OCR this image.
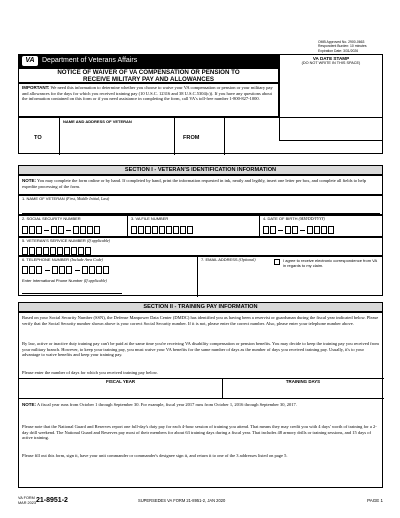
OMB Approved No. 2900-0663
Respondent Burden: 10 minutes
Expiration Date: 3/31/2026
VA	Department of Veterans Affairs	VA DATE STAMP
(DO NOT WRITE IN THIS SPACE)
NOTICE OF WAIVER OF VA COMPENSATION OR PENSION TO
RECEIVE MILITARY PAY AND ALLOWANCES
IMPORTANT: We need this information to determine whether you choose to waive your VA compensation or pension or your military pay and allowances for the days for which you received training pay (10 U.S.C. 12316 and 38 U.S.C.5304(c)). If you have any questions about the information contained on this form or if you need assistance in completing the form, call VA's toll-free number 1-800-827-1000.
NAME AND ADDRESS OF VETERAN
TO	FROM
SECTION I - VETERAN'S IDENTIFICATION INFORMATION
NOTE: You may complete the form online or by hand. If completed by hand, print the information requested in ink, neatly and legibly, insert one letter per box, and complete all fields to help expedite processing of the form.
1. NAME OF VETERAN (First, Middle Initial, Last)
2. SOCIAL SECURITY NUMBER	3. VA FILE NUMBER	4. DATE OF BIRTH (MM/DD/YYYY)
5. VETERAN'S SERVICE NUMBER (If applicable)
6. TELEPHONE NUMBER (Include Area Code)
Enter International Phone Number (If applicable)
7. EMAIL ADDRESS (Optional)	I agree to receive electronic correspondence from VA in regards to my claim.
SECTION II - TRAINING PAY INFORMATION
Based on your Social Security Number (SSN), the Defense Manpower Data Center (DMDC) has identified you as having been a reservist or guardsman during the fiscal year indicated below. Please verify that the Social Security number shown above is your correct Social Security number. If it is not, please enter the correct number. Also, please enter your telephone number above.
By law, active or inactive duty training pay can't be paid at the same time you're receiving VA disability compensation or pension benefits. You may decide to keep the training pay you received from your military branch. However, to keep your training pay, you must waive your VA benefits for the same number of days as the number of days you received training pay. Usually, it's to your advantage to waive benefits and keep your training pay.
Please enter the number of days for which you received training pay below.
FISCAL YEAR	TRAINING DAYS
NOTE: A fiscal year runs from October 1 through September 30. For example, fiscal year 2017 runs from October 1, 2016 through September 30, 2017.
Please note that the National Guard and Reserves report one full-day's duty pay for each 4-hour session of training you attend. That means they may credit you with 4 days' worth of training for a 2-day drill weekend. The National Guard and Reserves pay most of their members for about 63 training days during a fiscal year. That includes 48 armory drills or training sessions, and 15 days of active training.
Please fill out this form, sign it, have your unit commander or commander's designee sign it, and return it to one of the 3 addresses listed on page 5.
VA FORM
MAR 2023 21-8951-2	SUPERSEDES VA FORM 21-8951-2, JAN 2020	PAGE 1
